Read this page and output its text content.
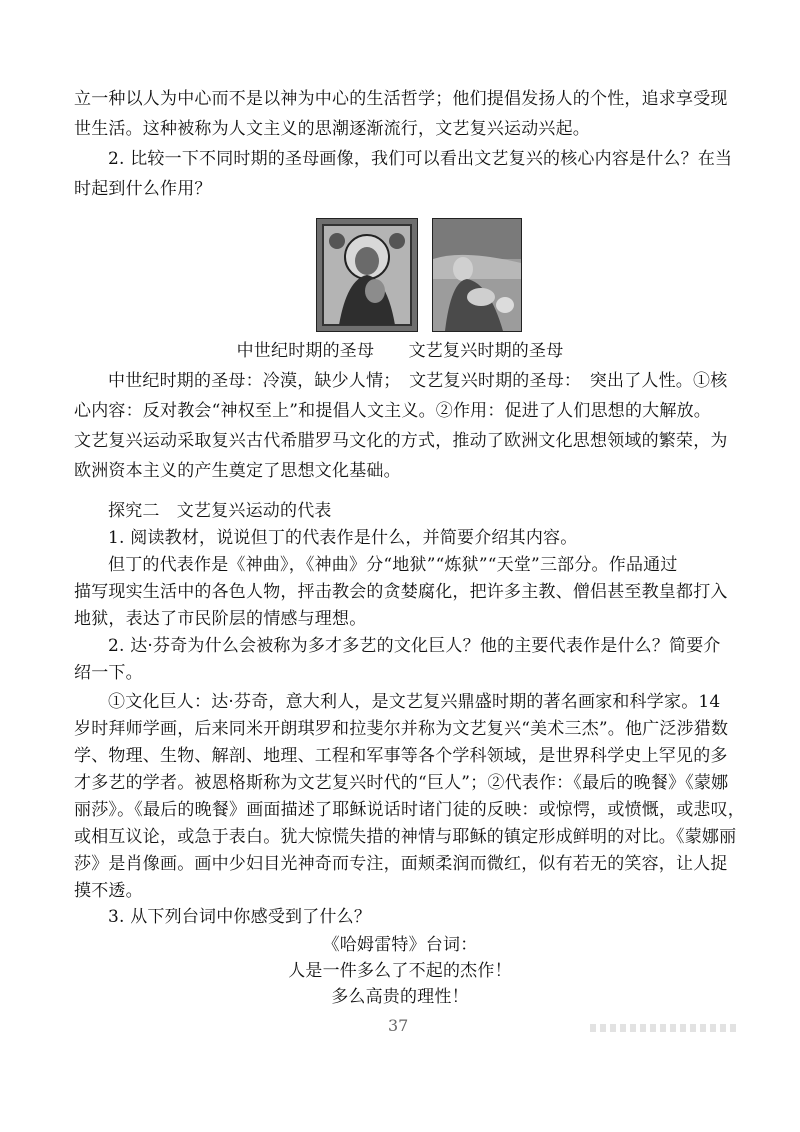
立一种以人为中心而不是以神为中心的生活哲学；他们提倡发扬人的个性，追求享受现
世生活。这种被称为人文主义的思潮逐渐流行，文艺复兴运动兴起。
2. 比较一下不同时期的圣母画像，我们可以看出文艺复兴的核心内容是什么？在当
时起到什么作用？
中世纪时期的圣母　　文艺复兴时期的圣母
中世纪时期的圣母：冷漠，缺少人情；　文艺复兴时期的圣母：　突出了人性。①核
心内容：反对教会“神权至上”和提倡人文主义。②作用：促进了人们思想的大解放。
文艺复兴运动采取复兴古代希腊罗马文化的方式，推动了欧洲文化思想领域的繁荣，为
欧洲资本主义的产生奠定了思想文化基础。
探究二　文艺复兴运动的代表
1. 阅读教材，说说但丁的代表作是什么，并简要介绍其内容。
但丁的代表作是《神曲》，《神曲》分“地狱”“炼狱”“天堂”三部分。作品通过
描写现实生活中的各色人物，抨击教会的贪婪腐化，把许多主教、僧侣甚至教皇都打入
地狱，表达了市民阶层的情感与理想。
2. 达·芬奇为什么会被称为多才多艺的文化巨人？他的主要代表作是什么？简要介
绍一下。
①文化巨人：达·芬奇，意大利人，是文艺复兴鼎盛时期的著名画家和科学家。14
岁时拜师学画，后来同米开朗琪罗和拉斐尔并称为文艺复兴“美术三杰”。他广泛涉猎数
学、物理、生物、解剖、地理、工程和军事等各个学科领域，是世界科学史上罕见的多
才多艺的学者。被恩格斯称为文艺复兴时代的“巨人”；②代表作：《最后的晚餐》《蒙娜
丽莎》。《最后的晚餐》画面描述了耶稣说话时诸门徒的反映：或惊愕，或愤慨，或悲叹，
或相互议论，或急于表白。犹大惊慌失措的神情与耶稣的镇定形成鲜明的对比。《蒙娜丽
莎》是肖像画。画中少妇目光神奇而专注，面颊柔润而微红，似有若无的笑容，让人捉
摸不透。
3. 从下列台词中你感受到了什么？
《哈姆雷特》台词：
人是一件多么了不起的杰作！
多么高贵的理性！
37
